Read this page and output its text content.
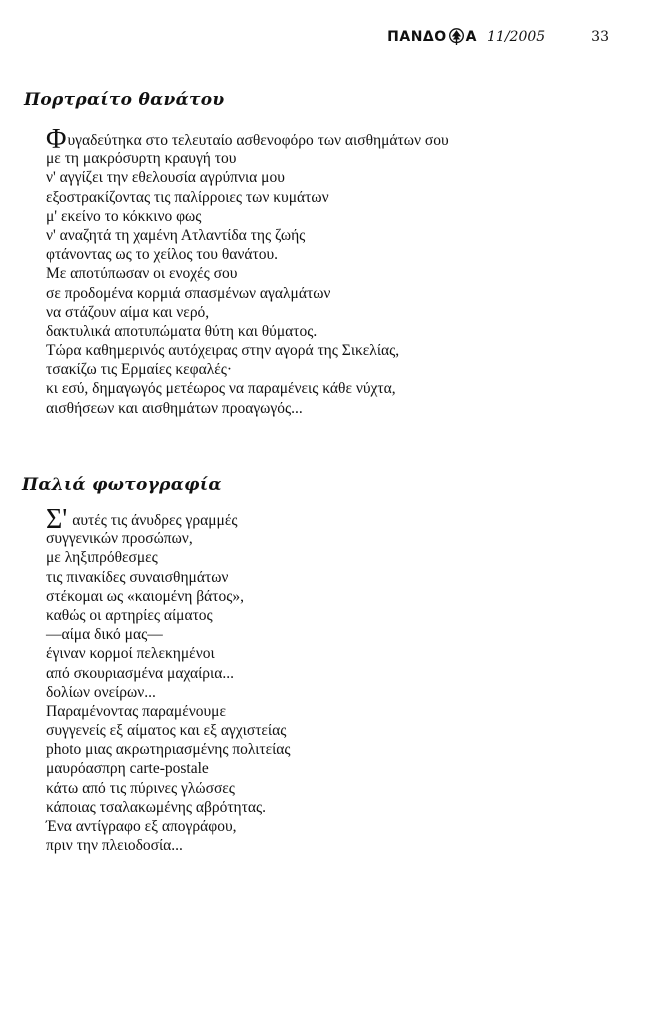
ΠΑΝΔΟ Α 11/2005	33
Πορτραίτο θανάτου
Φυγαδεύτηκα στο τελευταίο ασθενοφόρο των αισθημάτων σου
με τη μακρόσυρτη κραυγή του
ν' αγγίζει την εθελουσία αγρύπνια μου
εξοστρακίζοντας τις παλίρροιες των κυμάτων
μ' εκείνο το κόκκινο φως
ν' αναζητά τη χαμένη Ατλαντίδα της ζωής
φτάνοντας ως το χείλος του θανάτου.
Με αποτύπωσαν οι ενοχές σου
σε προδομένα κορμιά σπασμένων αγαλμάτων
να στάζουν αίμα και νερό,
δακτυλικά αποτυπώματα θύτη και θύματος.
Τώρα καθημερινός αυτόχειρας στην αγορά της Σικελίας,
τσακίζω τις Ερμαίες κεφαλές·
κι εσύ, δημαγωγός μετέωρος να παραμένεις κάθε νύχτα,
αισθήσεων και αισθημάτων προαγωγός...
Παλιά φωτογραφία
Σ' αυτές τις άνυδρες γραμμές
συγγενικών προσώπων,
με ληξιπρόθεσμες
τις πινακίδες συναισθημάτων
στέκομαι ως «καιομένη βάτος»,
καθώς οι αρτηρίες αίματος
—αίμα δικό μας—
έγιναν κορμοί πελεκημένοι
από σκουριασμένα μαχαίρια...
δολίων ονείρων...
Παραμένοντας παραμένουμε
συγγενείς εξ αίματος και εξ αγχιστείας
photo μιας ακρωτηριασμένης πολιτείας
μαυρόασπρη carte-postale
κάτω από τις πύρινες γλώσσες
κάποιας τσαλακωμένης αβρότητας.
Ένα αντίγραφο εξ απογράφου,
πριν την πλειοδοσία...
